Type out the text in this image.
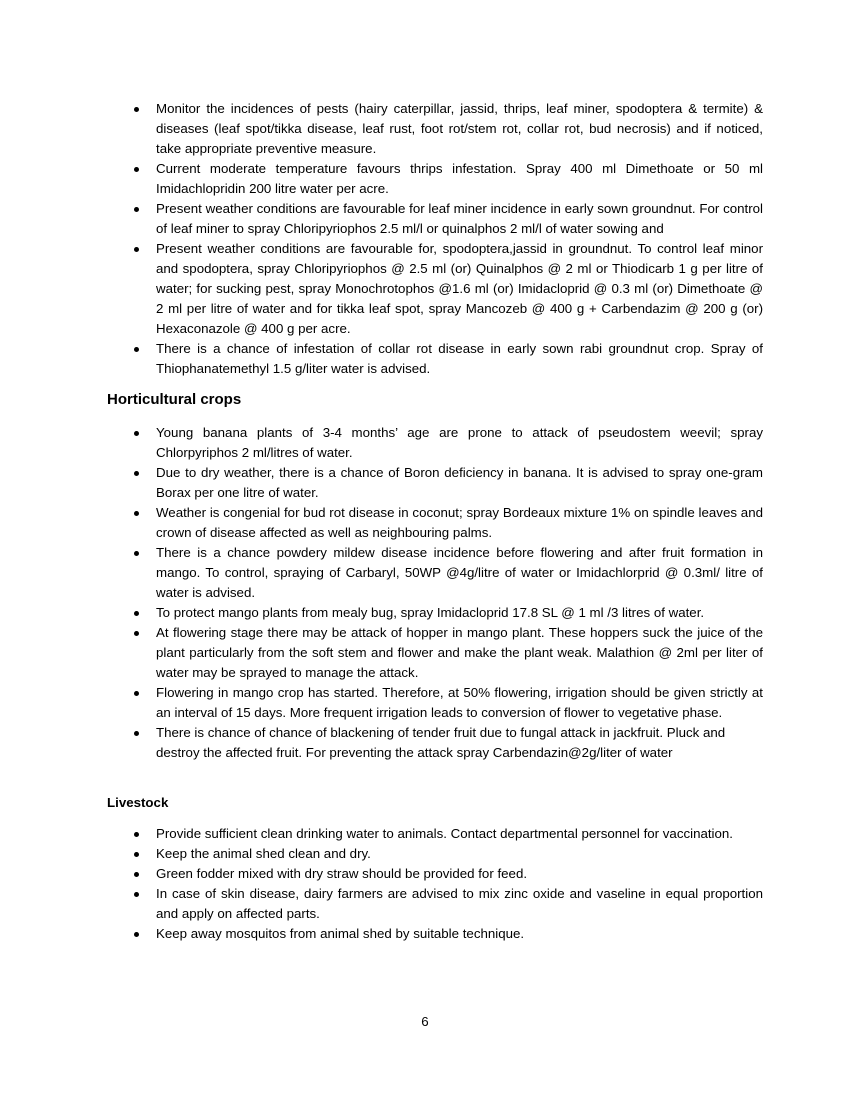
Monitor the incidences of pests (hairy caterpillar, jassid, thrips, leaf miner, spodoptera & termite) & diseases (leaf spot/tikka disease, leaf rust, foot rot/stem rot, collar rot, bud necrosis) and if noticed, take appropriate preventive measure.
Current moderate temperature favours thrips infestation. Spray 400 ml Dimethoate or 50 ml Imidachlopridin 200 litre water per acre.
Present weather conditions are favourable for leaf miner incidence in early sown groundnut. For control of leaf miner to spray Chloripyriophos 2.5 ml/l or quinalphos 2 ml/l of water sowing and
Present weather conditions are favourable for, spodoptera,jassid in groundnut. To control leaf minor and spodoptera, spray Chloripyriophos @ 2.5 ml (or) Quinalphos @ 2 ml or Thiodicarb 1 g per litre of water; for sucking pest, spray Monochrotophos @1.6 ml (or) Imidacloprid @ 0.3 ml (or) Dimethoate @ 2 ml per litre of water and for tikka leaf spot, spray Mancozeb @ 400 g + Carbendazim @ 200 g (or) Hexaconazole @ 400 g per acre.
There is a chance of infestation of collar rot disease in early sown rabi groundnut crop. Spray of Thiophanatemethyl 1.5 g/liter water is advised.
Horticultural crops
Young banana plants of 3-4 months’ age are prone to attack of pseudostem weevil; spray Chlorpyriphos 2 ml/litres of water.
Due to dry weather, there is a chance of Boron deficiency in banana. It is advised to spray one-gram Borax per one litre of water.
Weather is congenial for bud rot disease in coconut; spray Bordeaux mixture 1% on spindle leaves and crown of disease affected as well as neighbouring palms.
There is a chance powdery mildew disease incidence before flowering and after fruit formation in mango. To control, spraying of Carbaryl, 50WP @4g/litre of water or Imidachlorprid @ 0.3ml/ litre of water is advised.
To protect mango plants from mealy bug, spray Imidacloprid 17.8 SL @ 1 ml /3 litres of water.
At flowering stage there may be attack of hopper in mango plant. These hoppers suck the juice of the plant particularly from the soft stem and flower and make the plant weak. Malathion @ 2ml per liter of water may be sprayed to manage the attack.
Flowering in mango crop has started. Therefore, at 50% flowering, irrigation should be given strictly at an interval of 15 days. More frequent irrigation leads to conversion of flower to vegetative phase.
There is chance of chance of blackening of tender fruit due to fungal attack in jackfruit. Pluck and destroy the affected fruit. For preventing the attack spray Carbendazin@2g/liter of water
Livestock
Provide sufficient clean drinking water to animals. Contact departmental personnel for vaccination.
Keep the animal shed clean and dry.
Green fodder mixed with dry straw should be provided for feed.
In case of skin disease, dairy farmers are advised to mix zinc oxide and vaseline in equal proportion and apply on affected parts.
Keep away mosquitos from animal shed by suitable technique.
6
